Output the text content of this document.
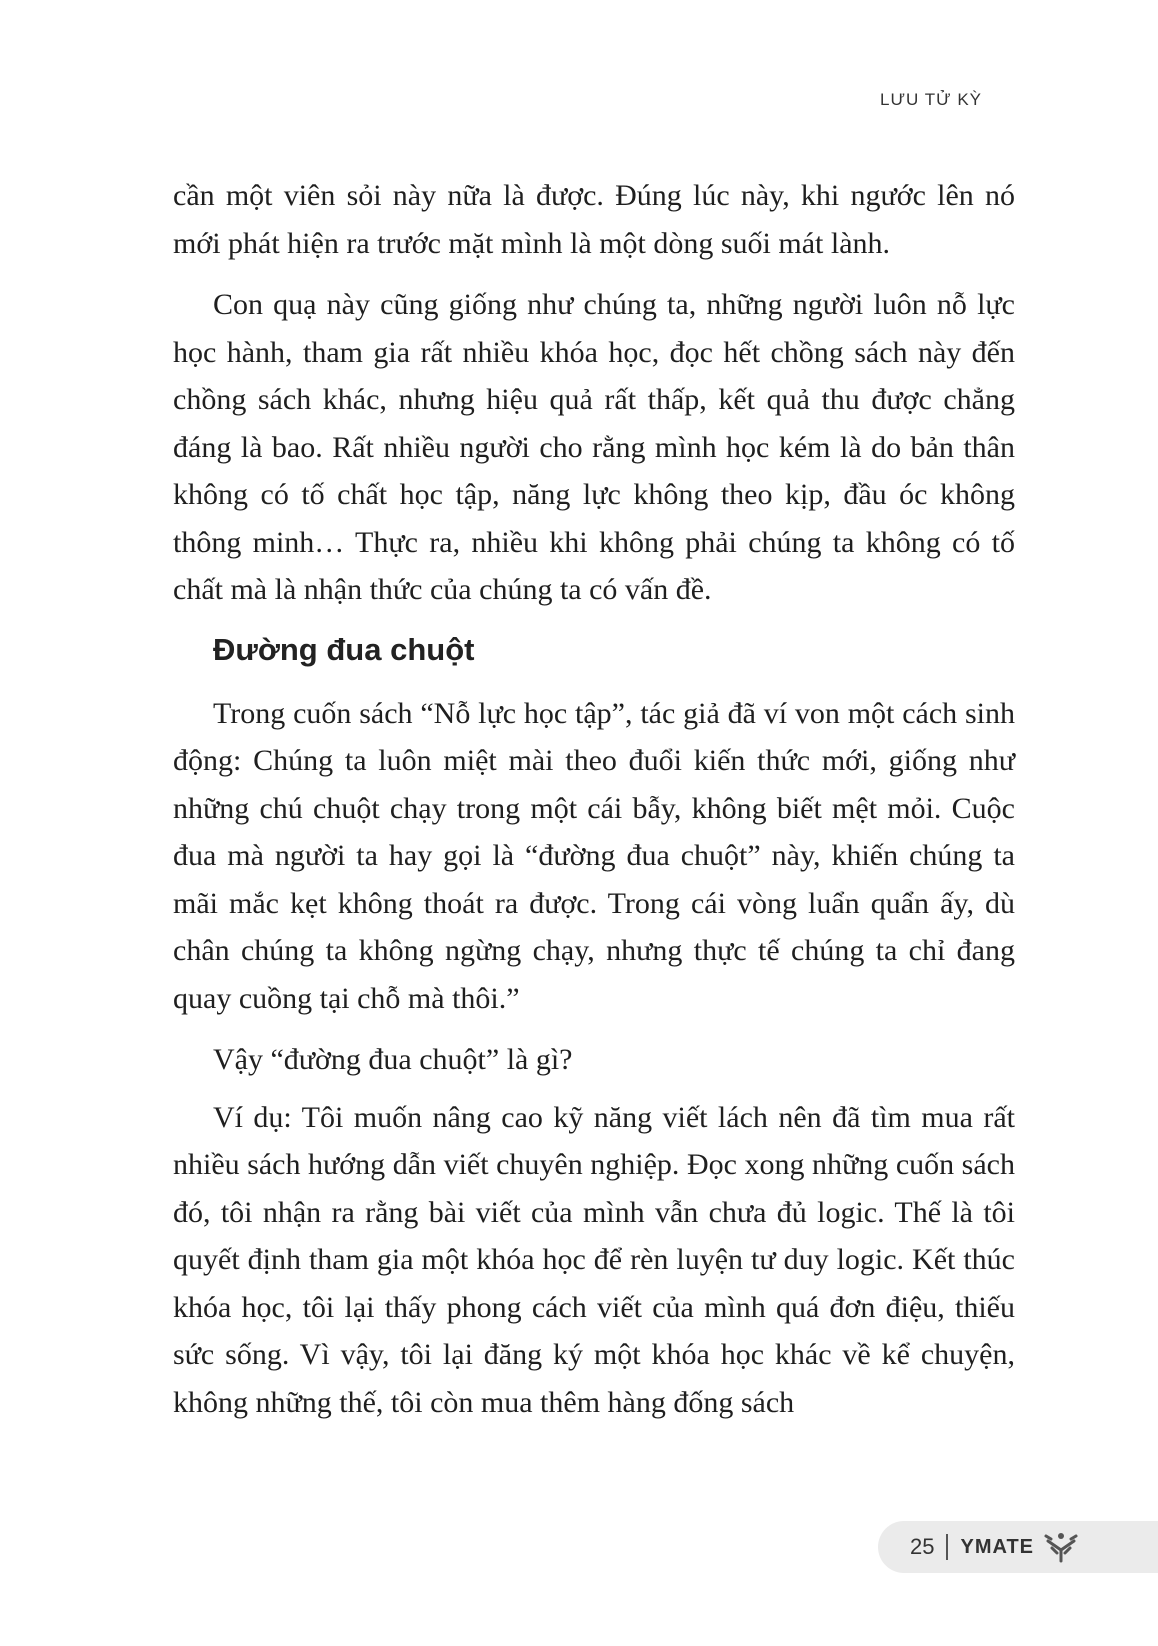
LƯU TỬ KỲ

cần một viên sỏi này nữa là được. Đúng lúc này, khi ngước lên nó mới phát hiện ra trước mặt mình là một dòng suối mát lành.

Con quạ này cũng giống như chúng ta, những người luôn nỗ lực học hành, tham gia rất nhiều khóa học, đọc hết chồng sách này đến chồng sách khác, nhưng hiệu quả rất thấp, kết quả thu được chẳng đáng là bao. Rất nhiều người cho rằng mình học kém là do bản thân không có tố chất học tập, năng lực không theo kịp, đầu óc không thông minh… Thực ra, nhiều khi không phải chúng ta không có tố chất mà là nhận thức của chúng ta có vấn đề.

Đường đua chuột

Trong cuốn sách “Nỗ lực học tập”, tác giả đã ví von một cách sinh động: Chúng ta luôn miệt mài theo đuổi kiến thức mới, giống như những chú chuột chạy trong một cái bẫy, không biết mệt mỏi. Cuộc đua mà người ta hay gọi là “đường đua chuột” này, khiến chúng ta mãi mắc kẹt không thoát ra được. Trong cái vòng luẩn quẩn ấy, dù chân chúng ta không ngừng chạy, nhưng thực tế chúng ta chỉ đang quay cuồng tại chỗ mà thôi.”

Vậy “đường đua chuột” là gì?

Ví dụ: Tôi muốn nâng cao kỹ năng viết lách nên đã tìm mua rất nhiều sách hướng dẫn viết chuyên nghiệp. Đọc xong những cuốn sách đó, tôi nhận ra rằng bài viết của mình vẫn chưa đủ logic. Thế là tôi quyết định tham gia một khóa học để rèn luyện tư duy logic. Kết thúc khóa học, tôi lại thấy phong cách viết của mình quá đơn điệu, thiếu sức sống. Vì vậy, tôi lại đăng ký một khóa học khác về kể chuyện, không những thế, tôi còn mua thêm hàng đống sách

25 YMATE
